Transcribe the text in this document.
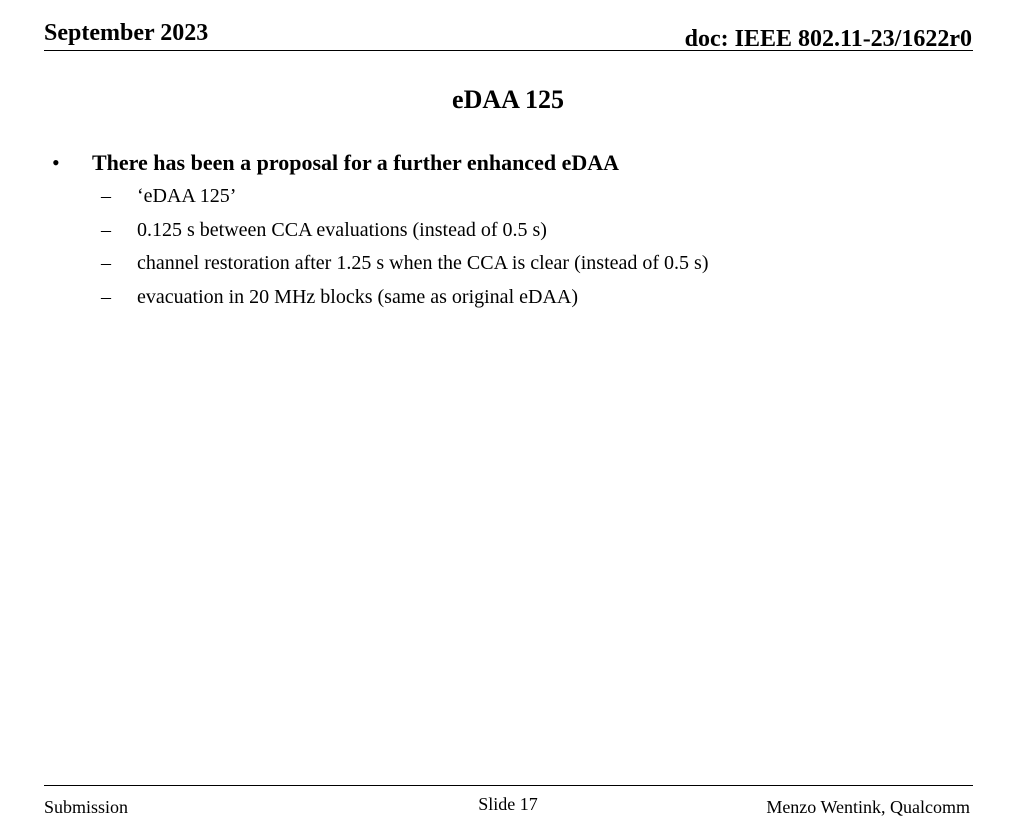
September 2023	doc: IEEE 802.11-23/1622r0
eDAA 125
•	There has been a proposal for a further enhanced eDAA
–	‘eDAA 125’
–	0.125 s between CCA evaluations (instead of 0.5 s)
–	channel restoration after 1.25 s when the CCA is clear (instead of 0.5 s)
–	evacuation in 20 MHz blocks (same as original eDAA)
Submission	Slide 17	Menzo Wentink, Qualcomm
